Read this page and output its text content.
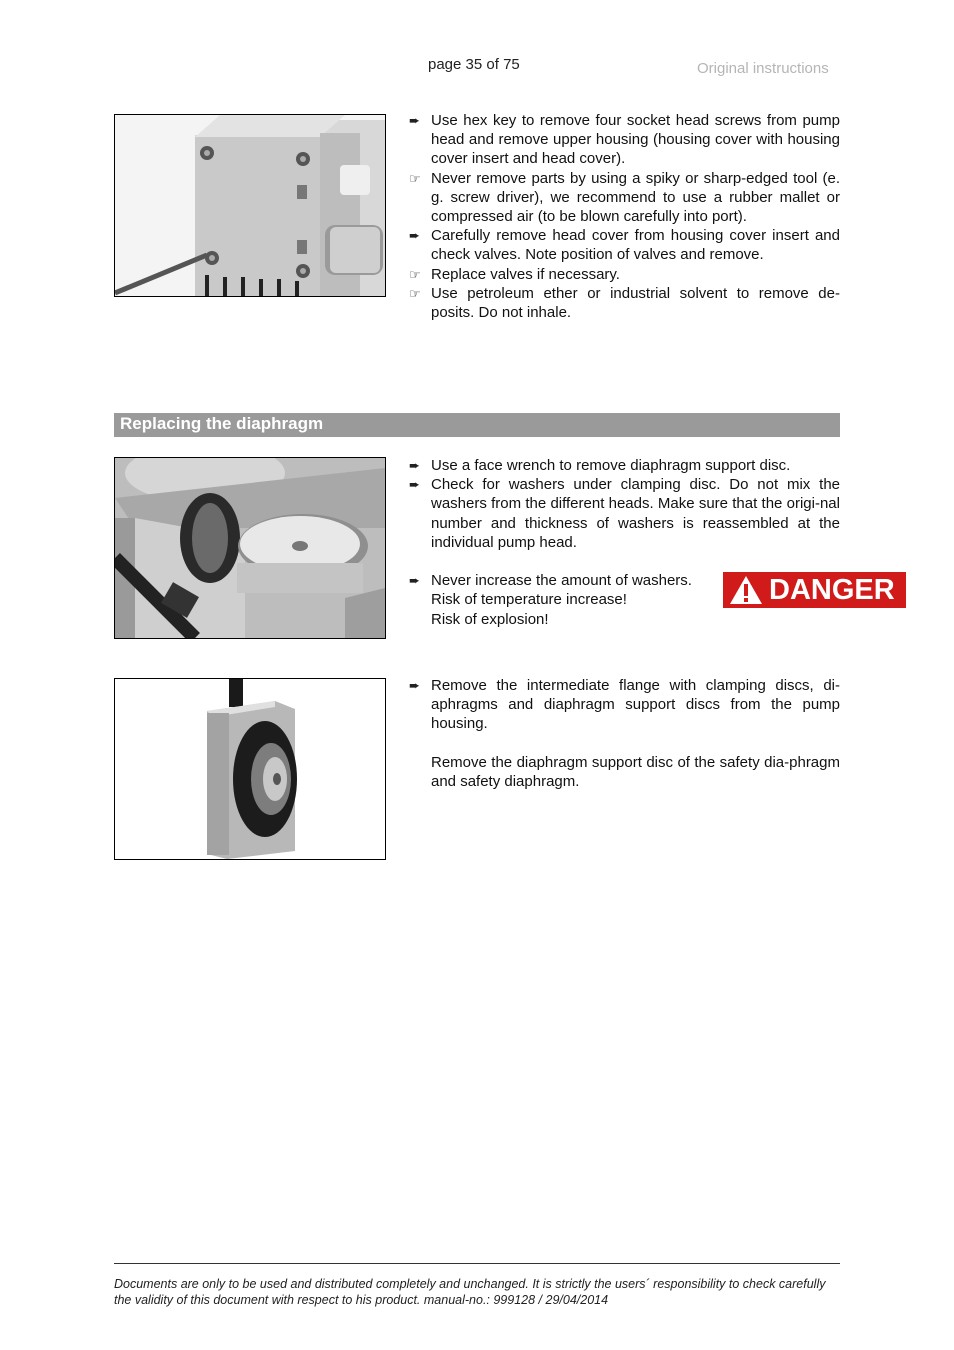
page 35 of 75	Original instructions
➨ Use hex key to remove four socket head screws from pump head and remove upper housing (housing cover with housing cover insert and head cover).
☞ Never remove parts by using a spiky or sharp-edged tool (e. g. screw driver), we recommend to use a rubber mallet or compressed air (to be blown carefully into port).
➨ Carefully remove head cover from housing cover insert and check valves. Note position of valves and remove.
☞ Replace valves if necessary.
☞ Use petroleum ether or industrial solvent to remove de-posits. Do not inhale.
Replacing the diaphragm
➨ Use a face wrench to remove diaphragm support disc.
➨ Check for washers under clamping disc. Do not mix the washers from the different heads. Make sure that the origi-nal number and thickness of washers is reassembled at the individual pump head.
➨ Never increase the amount of washers.
Risk of temperature increase!
Risk of explosion!
DANGER
➨ Remove the intermediate flange with clamping discs, di-aphragms and diaphragm support discs from the pump housing.
Remove the diaphragm support disc of the safety dia-phragm and safety diaphragm.
Documents are only to be used and distributed completely and unchanged. It is strictly the users´ responsibility to check carefully
the validity of this document with respect to his product. manual-no.: 999128 / 29/04/2014
